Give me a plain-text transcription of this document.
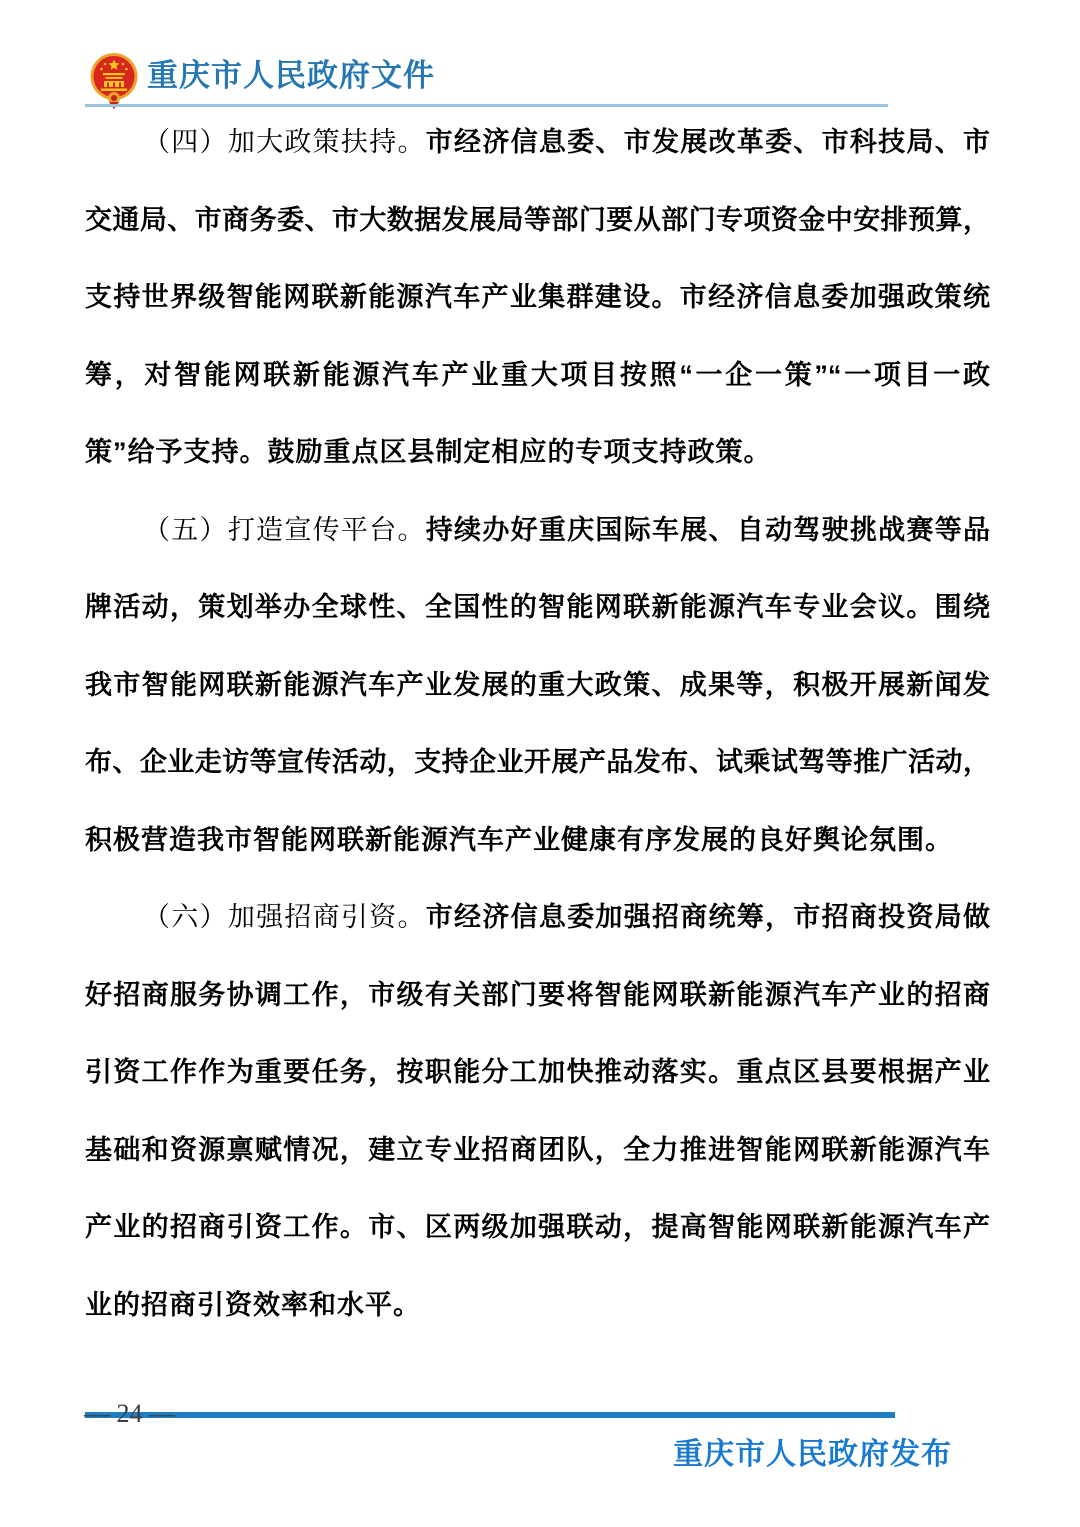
重庆市人民政府文件
（四）加大政策扶持。市经济信息委、市发展改革委、市科技局、市
交通局、市商务委、市大数据发展局等部门要从部门专项资金中安排预算，
支持世界级智能网联新能源汽车产业集群建设。市经济信息委加强政策统
筹，对智能网联新能源汽车产业重大项目按照“一企一策”“一项目一政
策”给予支持。鼓励重点区县制定相应的专项支持政策。
（五）打造宣传平台。持续办好重庆国际车展、自动驾驶挑战赛等品
牌活动，策划举办全球性、全国性的智能网联新能源汽车专业会议。围绕
我市智能网联新能源汽车产业发展的重大政策、成果等，积极开展新闻发
布、企业走访等宣传活动，支持企业开展产品发布、试乘试驾等推广活动，
积极营造我市智能网联新能源汽车产业健康有序发展的良好舆论氛围。
（六）加强招商引资。市经济信息委加强招商统筹，市招商投资局做
好招商服务协调工作，市级有关部门要将智能网联新能源汽车产业的招商
引资工作作为重要任务，按职能分工加快推动落实。重点区县要根据产业
基础和资源禀赋情况，建立专业招商团队，全力推进智能网联新能源汽车
产业的招商引资工作。市、区两级加强联动，提高智能网联新能源汽车产
业的招商引资效率和水平。
— 24 —
重庆市人民政府发布
